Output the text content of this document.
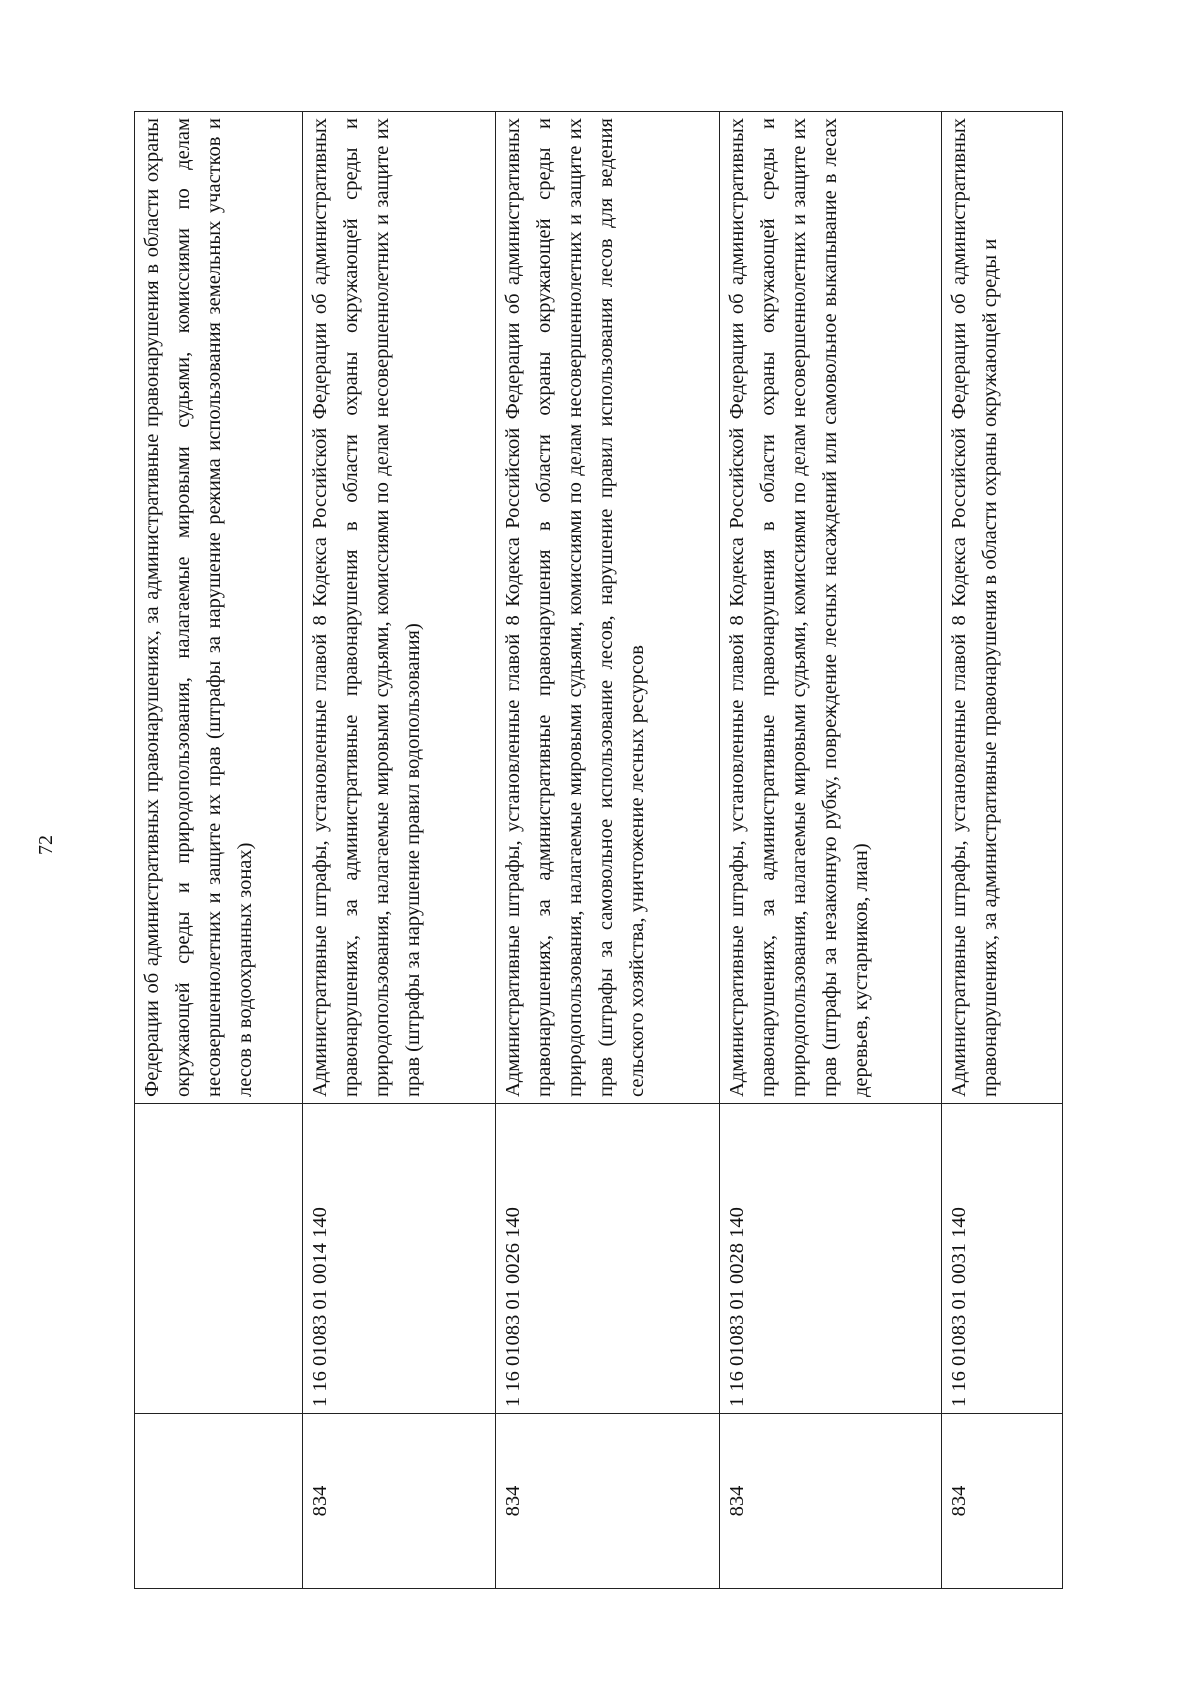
72
			Федерации об административных правонарушениях, за административные правонарушения в области охраны окружающей среды и природопользования, налагаемые мировыми судьями, комиссиями по делам несовершеннолетних и защите их прав (штрафы за нарушение режима использования земельных участков и лесов в водоохранных зонах)
834	1 16 01083 01 0014 140	Административные штрафы, установленные главой 8 Кодекса Российской Федерации об административных правонарушениях, за административные правонарушения в области охраны окружающей среды и природопользования, налагаемые мировыми судьями, комиссиями по делам несовершеннолетних и защите их прав (штрафы за нарушение правил водопользования)
834	1 16 01083 01 0026 140	Административные штрафы, установленные главой 8 Кодекса Российской Федерации об административных правонарушениях, за административные правонарушения в области охраны окружающей среды и природопользования, налагаемые мировыми судьями, комиссиями по делам несовершеннолетних и защите их прав (штрафы за самовольное использование лесов, нарушение правил использования лесов для ведения сельского хозяйства, уничтожение лесных ресурсов
834	1 16 01083 01 0028 140	Административные штрафы, установленные главой 8 Кодекса Российской Федерации об административных правонарушениях, за административные правонарушения в области охраны окружающей среды и природопользования, налагаемые мировыми судьями, комиссиями по делам несовершеннолетних и защите их прав (штрафы за незаконную рубку, повреждение лесных насаждений или самовольное выкапывание в лесах деревьев, кустарников, лиан)
834	1 16 01083 01 0031 140	Административные штрафы, установленные главой 8 Кодекса Российской Федерации об административных правонарушениях, за административные правонарушения в области охраны окружающей среды и
